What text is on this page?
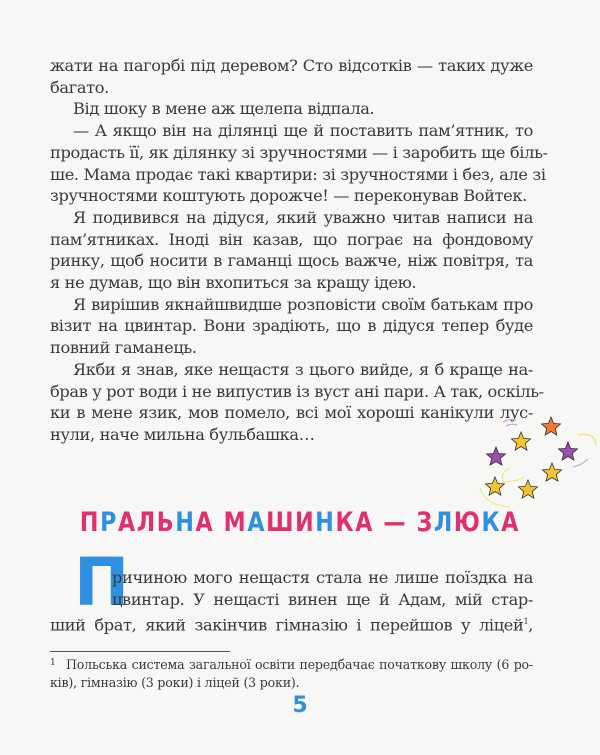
жати на пагорбі під деревом? Сто відсотків — таких дуже
багато.
Від шоку в мене аж щелепа відпала.
— А якщо він на ділянці ще й поставить пам’ятник, то
продасть її, як ділянку зі зручностями — і заробить ще біль-
ше. Мама продає такі квартири: зі зручностями і без, але зі
зручностями коштують дорожче! — переконував Войтек.
Я подивився на дідуся, який уважно читав написи на
пам’ятниках. Іноді він казав, що пограє на фондовому
ринку, щоб носити в гаманці щось важче, ніж повітря, та
я не думав, що він вхопиться за кращу ідею.
Я вирішив якнайшвидше розповісти своїм батькам про
візит на цвинтар. Вони зрадіють, що в дідуся тепер буде
повний гаманець.
Якби я знав, яке нещастя з цього вийде, я б краще на-
брав у рот води і не випустив із вуст ані пари. А так, оскіль-
ки в мене язик, мов помело, всі мої хороші канікули лус-
нули, наче мильна бульбашка…
ПРАЛЬНА МАШИНКА — ЗЛЮКА
П
ричиною мого нещастя стала не лише поїздка на
цвинтар. У нещасті винен ще й Адам, мій стар-
ший брат, який закінчив гімназію і перейшов у ліцей$^1$,
1 Польська система загальної освіти передбачає початкову школу (6 ро-
ків), гімназію (3 роки) і ліцей (3 роки).
5
